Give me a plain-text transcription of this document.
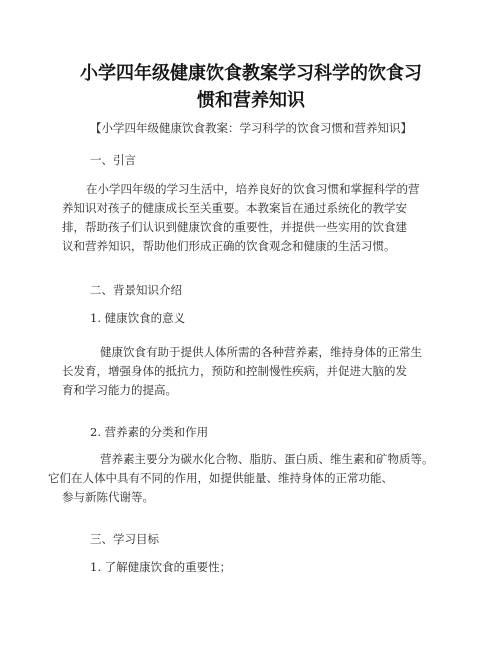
小学四年级健康饮食教案学习科学的饮食习
惯和营养知识

【小学四年级健康饮食教案：学习科学的饮食习惯和营养知识】

一、引言

在小学四年级的学习生活中，培养良好的饮食习惯和掌握科学的营
养知识对孩子的健康成长至关重要。本教案旨在通过系统化的教学安
排，帮助孩子们认识到健康饮食的重要性，并提供一些实用的饮食建
议和营养知识，帮助他们形成正确的饮食观念和健康的生活习惯。

二、背景知识介绍

1. 健康饮食的意义

健康饮食有助于提供人体所需的各种营养素，维持身体的正常生
长发育，增强身体的抵抗力，预防和控制慢性疾病，并促进大脑的发
育和学习能力的提高。

2. 营养素的分类和作用

营养素主要分为碳水化合物、脂肪、蛋白质、维生素和矿物质等。
它们在人体中具有不同的作用，如提供能量、维持身体的正常功能、
参与新陈代谢等。

三、学习目标

1. 了解健康饮食的重要性；
